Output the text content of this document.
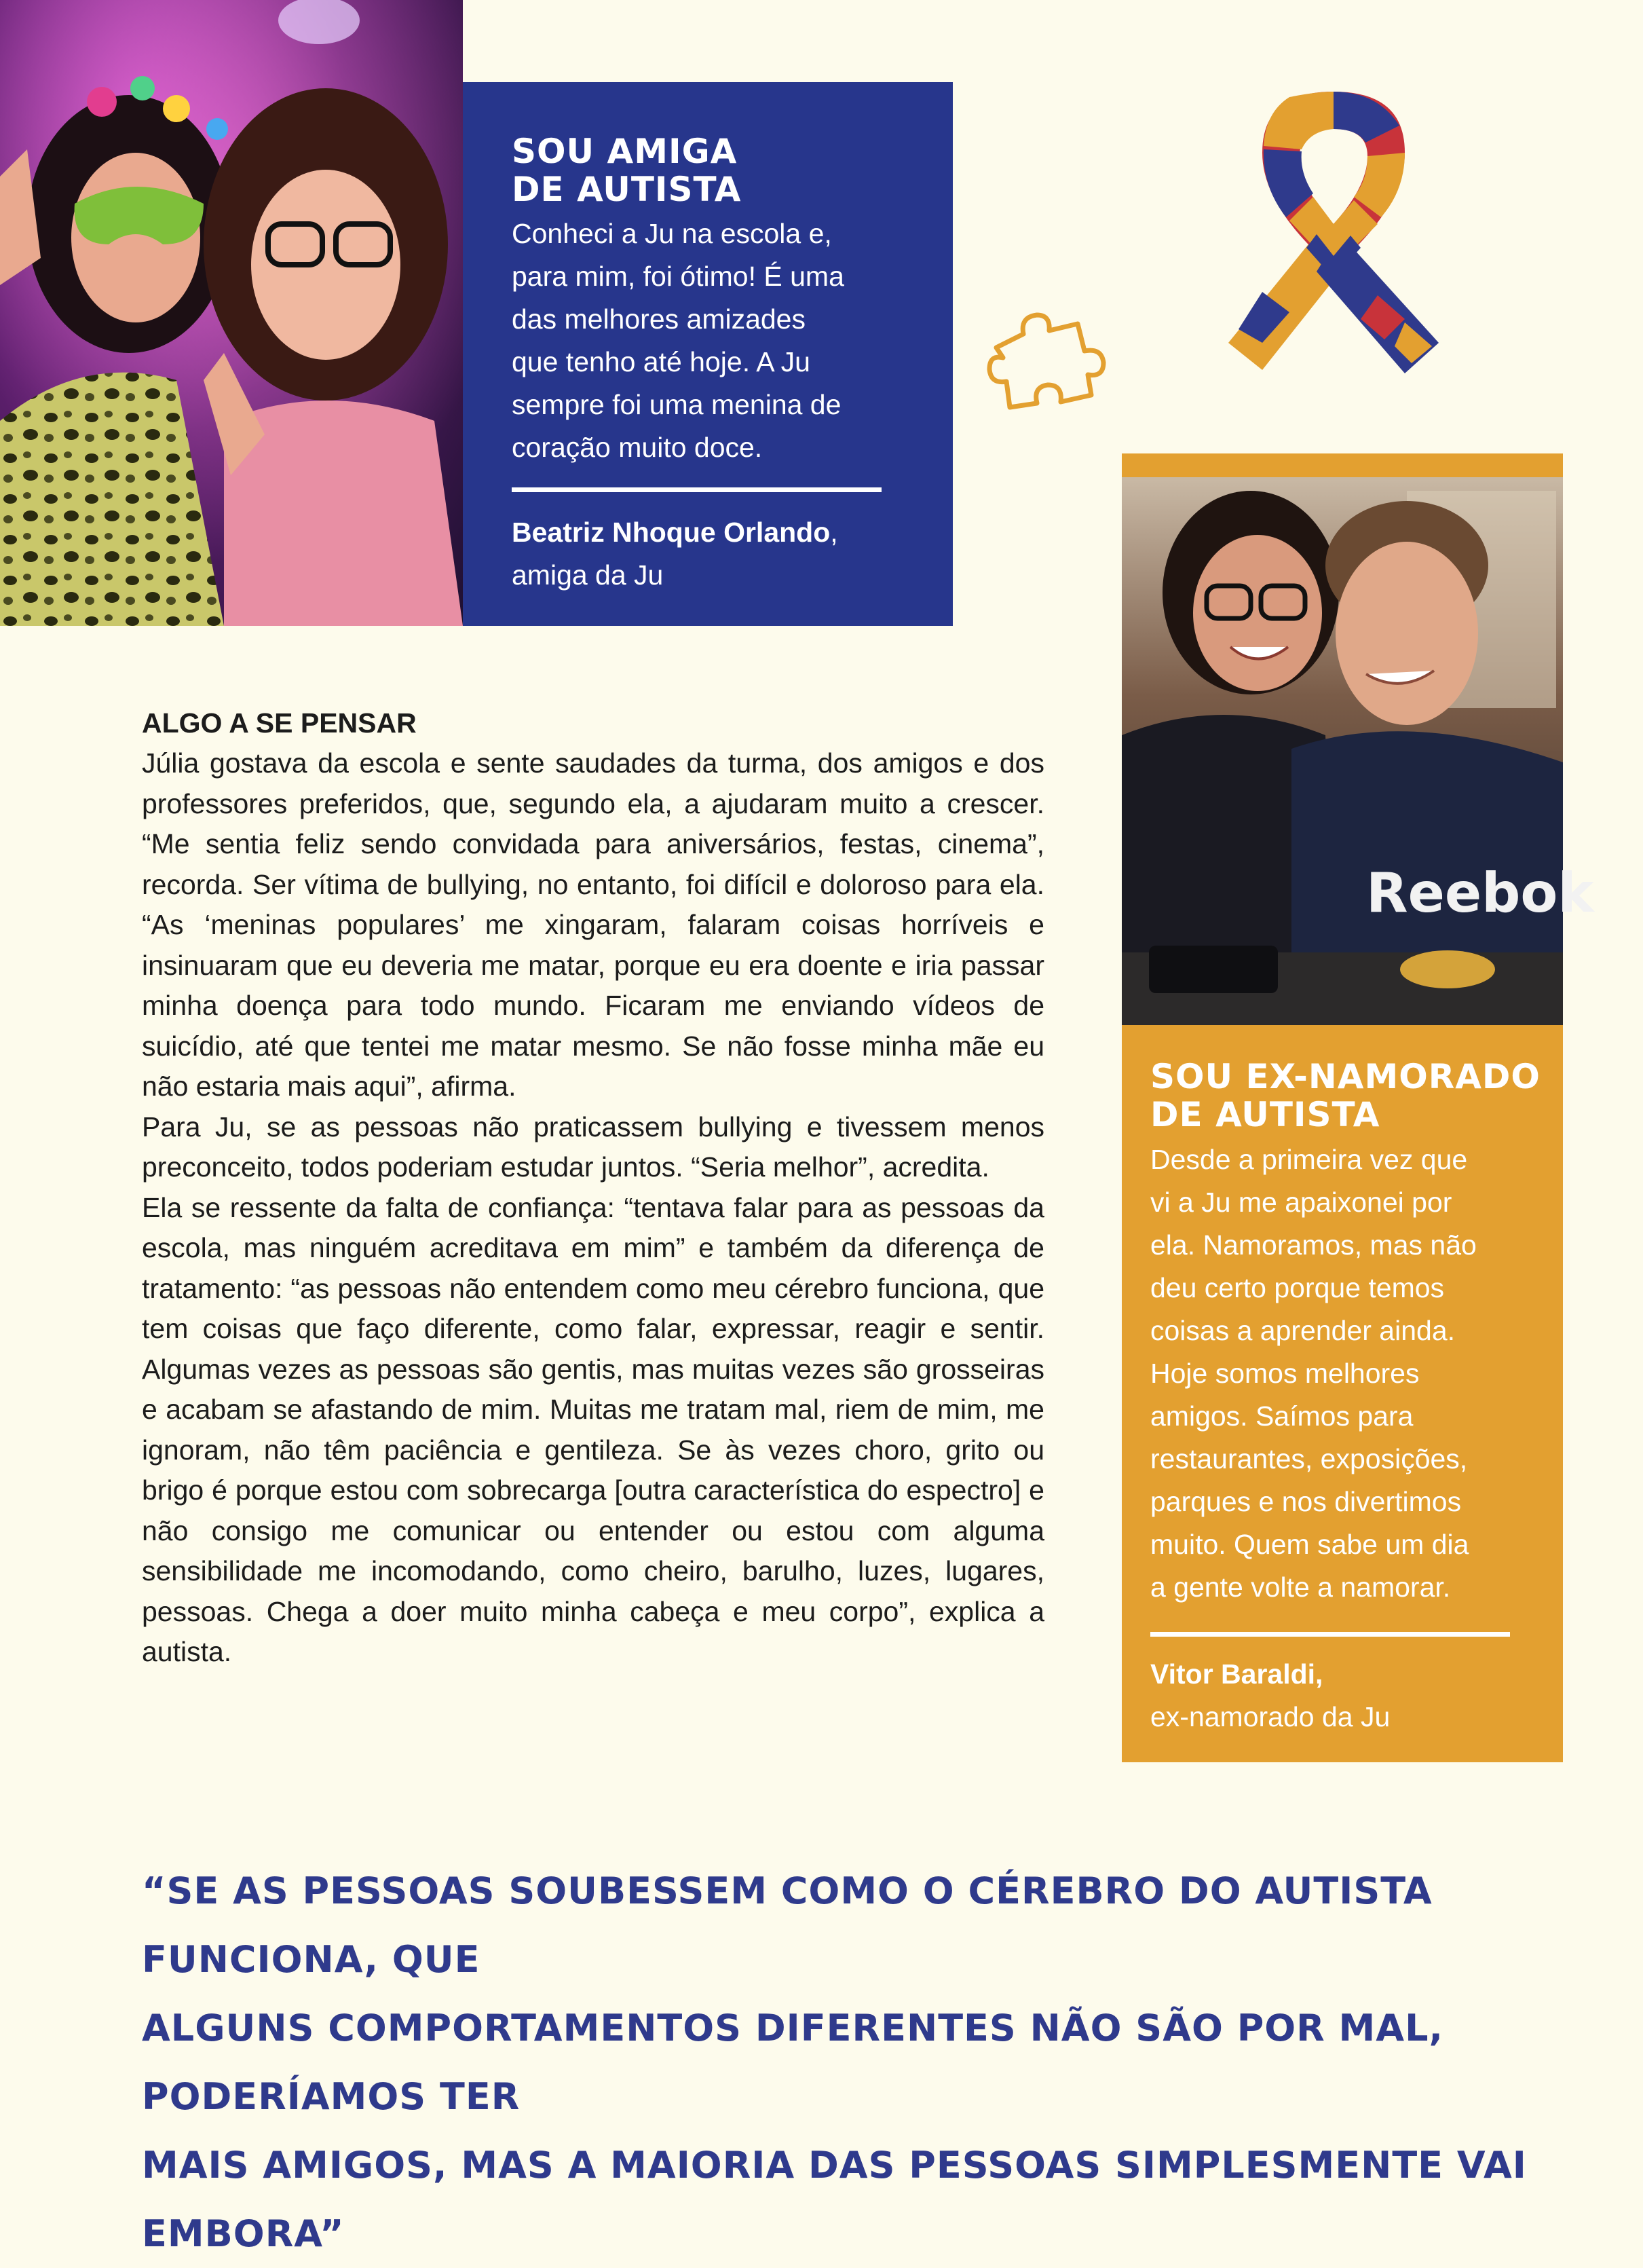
SOU AMIGA
DE AUTISTA
Conheci a Ju na escola e,
para mim, foi ótimo! É uma
das melhores amizades
que tenho até hoje. A Ju
sempre foi uma menina de
coração muito doce.
Beatriz Nhoque Orlando,
amiga da Ju
Reebok
SOU EX-NAMORADO
DE AUTISTA
Desde a primeira vez que
vi a Ju me apaixonei por
ela. Namoramos, mas não
deu certo porque temos
coisas a aprender ainda.
Hoje somos melhores
amigos. Saímos para
restaurantes, exposições,
parques e nos divertimos
muito. Quem sabe um dia
a gente volte a namorar.
Vitor Baraldi,
ex-namorado da Ju
ALGO A SE PENSAR

Júlia gostava da escola e sente saudades da turma, dos amigos e dos professores preferidos, que, segundo ela, a ajudaram muito a crescer. “Me sentia feliz sendo convidada para aniversários, festas, cinema”, recorda. Ser vítima de bullying, no entanto, foi difícil e doloroso para ela. “As ‘meninas populares’ me xingaram, falaram coisas horríveis e insinuaram que eu deveria me matar, porque eu era doente e iria passar minha doença para todo mundo. Ficaram me enviando vídeos de suicídio, até que tentei me matar mesmo. Se não fosse minha mãe eu não estaria mais aqui”, afirma.

Para Ju, se as pessoas não praticassem bullying e tivessem menos preconceito, todos poderiam estudar juntos. “Seria melhor”, acredita.

Ela se ressente da falta de confiança: “tentava falar para as pessoas da escola, mas ninguém acreditava em mim” e também da diferença de tratamento: “as pessoas não entendem como meu cérebro funciona, que tem coisas que faço diferente, como falar, expressar, reagir e sentir. Algumas vezes as pessoas são gentis, mas muitas vezes são grosseiras e acabam se afastando de mim. Muitas me tratam mal, riem de mim, me ignoram, não têm paciência e gentileza. Se às vezes choro, grito ou brigo é porque estou com sobrecarga [outra característica do espectro] e não consigo me comunicar ou entender ou estou com alguma sensibilidade me incomodando, como cheiro, barulho, luzes, lugares, pessoas. Chega a doer muito minha cabeça e meu corpo”, explica a autista.

“SE AS PESSOAS SOUBESSEM COMO O CÉREBRO DO AUTISTA FUNCIONA, QUE
ALGUNS COMPORTAMENTOS DIFERENTES NÃO SÃO POR MAL, PODERÍAMOS TER
MAIS AMIGOS, MAS A MAIORIA DAS PESSOAS SIMPLESMENTE VAI EMBORA”
